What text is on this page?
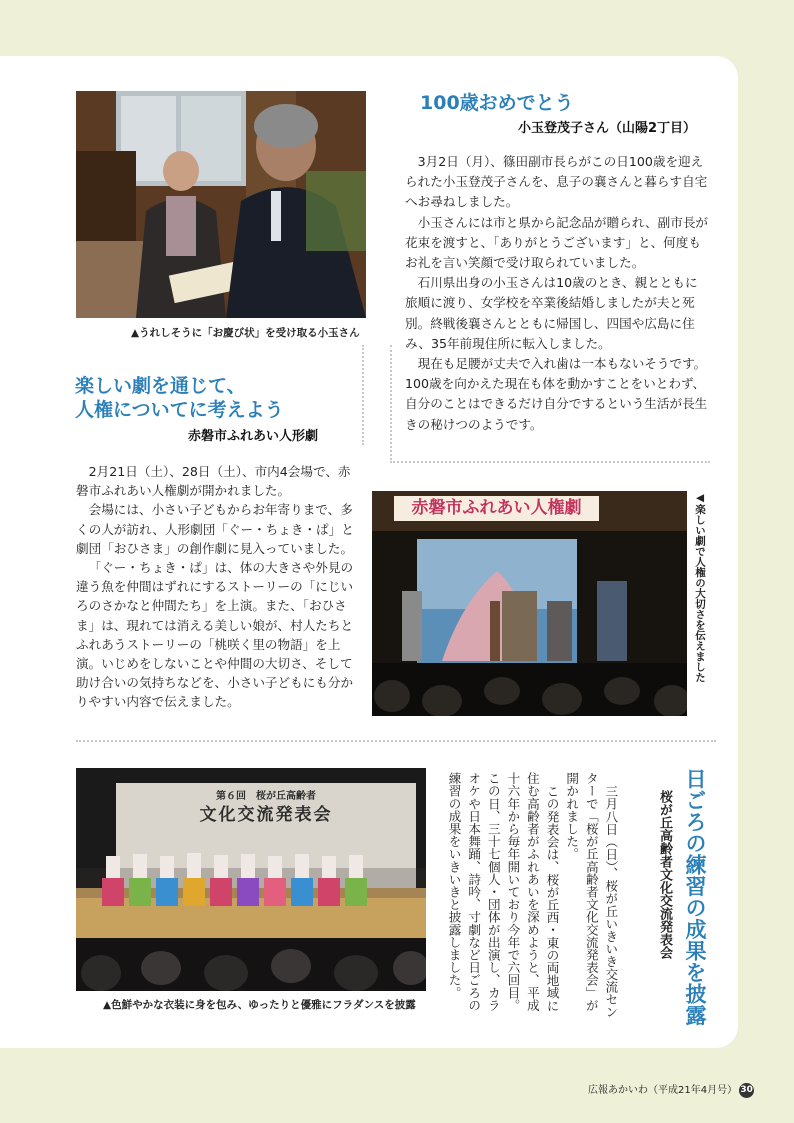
▲うれしそうに「お慶び状」を受け取る小玉さん
100歳おめでとう
小玉登茂子さん（山陽2丁目）

3月2日（月）、篠田副市長らがこの日100歳を迎えられた小玉登茂子さんを、息子の襄さんと暮らす自宅へお尋ねしました。

小玉さんには市と県から記念品が贈られ、副市長が花束を渡すと、「ありがとうございます」と、何度もお礼を言い笑顔で受け取られていました。

石川県出身の小玉さんは10歳のとき、親とともに旅順に渡り、女学校を卒業後結婚しましたが夫と死別。終戦後襄さんとともに帰国し、四国や広島に住み、35年前現住所に転入しました。

現在も足腰が丈夫で入れ歯は一本もないそうです。100歳を向かえた現在も体を動かすことをいとわず、自分のことはできるだけ自分でするという生活が長生きの秘けつのようです。

楽しい劇を通じて、
人権についてに考えよう
赤磐市ふれあい人形劇

2月21日（土）、28日（土）、市内4会場で、赤磐市ふれあい人権劇が開かれました。

会場には、小さい子どもからお年寄りまで、多くの人が訪れ、人形劇団「ぐー・ちょき・ぱ」と劇団「おひさま」の創作劇に見入っていました。

「ぐー・ちょき・ぱ」は、体の大きさや外見の違う魚を仲間はずれにするストーリーの「にじいろのさかなと仲間たち」を上演。また、「おひさま」は、現れては消える美しい娘が、村人たちとふれあうストーリーの「桃咲く里の物語」を上演。いじめをしないことや仲間の大切さ、そして助け合いの気持ちなどを、小さい子どもにも分かりやすい内容で伝えました。

赤磐市ふれあい人権劇	◀楽しい劇で人権の大切さを伝えました
第６回　桜が丘高齢者
文化交流発表会
▲色鮮やかな衣装に身を包み、ゆったりと優雅にフラダンスを披露	日ごろの練習の成果を披露
桜が丘高齢者文化交流発表会

三月八日（日）、桜が丘いきいき交流センターで「桜が丘高齢者文化交流発表会」が開かれました。

この発表会は、桜が丘西・東の両地域に住む高齢者がふれあいを深めようと、平成十六年から毎年開いており今年で六回目。この日、三十七個人・団体が出演し、カラオケや日本舞踊、詩吟、寸劇など日ごろの練習の成果をいきいきと披露しました。

広報あかいわ（平成21年4月号） 30
